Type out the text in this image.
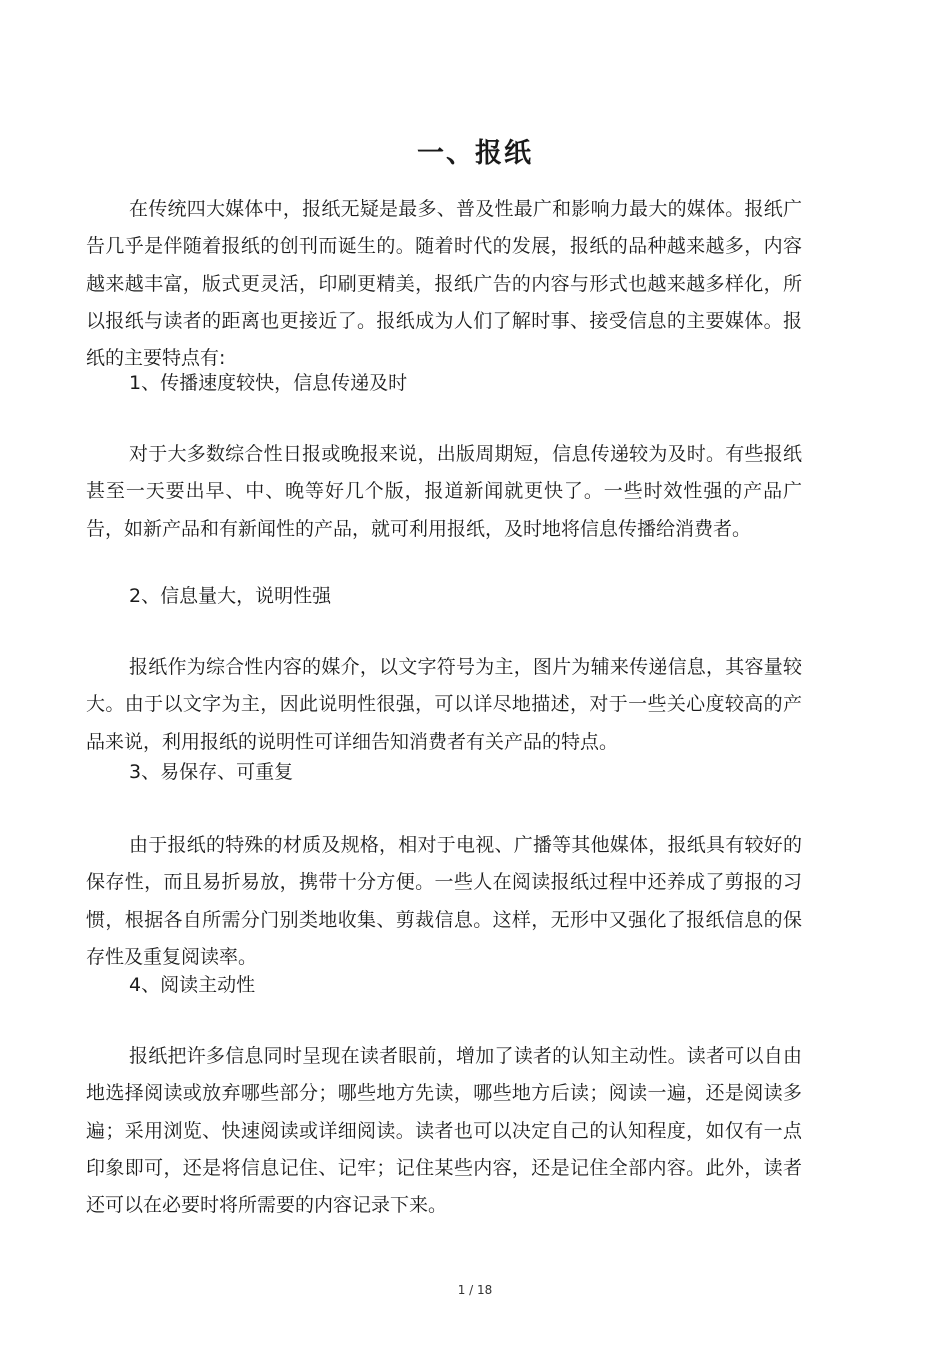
一、报纸

在传统四大媒体中，报纸无疑是最多、普及性最广和影响力最大的媒体。报纸广告几乎是伴随着报纸的创刊而诞生的。随着时代的发展，报纸的品种越来越多，内容越来越丰富，版式更灵活，印刷更精美，报纸广告的内容与形式也越来越多样化，所以报纸与读者的距离也更接近了。报纸成为人们了解时事、接受信息的主要媒体。报纸的主要特点有:

1、传播速度较快，信息传递及时

对于大多数综合性日报或晚报来说，出版周期短，信息传递较为及时。有些报纸甚至一天要出早、中、晚等好几个版，报道新闻就更快了。一些时效性强的产品广告，如新产品和有新闻性的产品，就可利用报纸，及时地将信息传播给消费者。

2、信息量大，说明性强

报纸作为综合性内容的媒介，以文字符号为主，图片为辅来传递信息，其容量较大。由于以文字为主，因此说明性很强，可以详尽地描述，对于一些关心度较高的产品来说，利用报纸的说明性可详细告知消费者有关产品的特点。

3、易保存、可重复

由于报纸的特殊的材质及规格，相对于电视、广播等其他媒体，报纸具有较好的保存性，而且易折易放，携带十分方便。一些人在阅读报纸过程中还养成了剪报的习惯，根据各自所需分门别类地收集、剪裁信息。这样，无形中又强化了报纸信息的保存性及重复阅读率。

4、阅读主动性

报纸把许多信息同时呈现在读者眼前，增加了读者的认知主动性。读者可以自由地选择阅读或放弃哪些部分；哪些地方先读，哪些地方后读；阅读一遍，还是阅读多遍；采用浏览、快速阅读或详细阅读。读者也可以决定自己的认知程度，如仅有一点印象即可，还是将信息记住、记牢；记住某些内容，还是记住全部内容。此外，读者还可以在必要时将所需要的内容记录下来。

1 / 18
